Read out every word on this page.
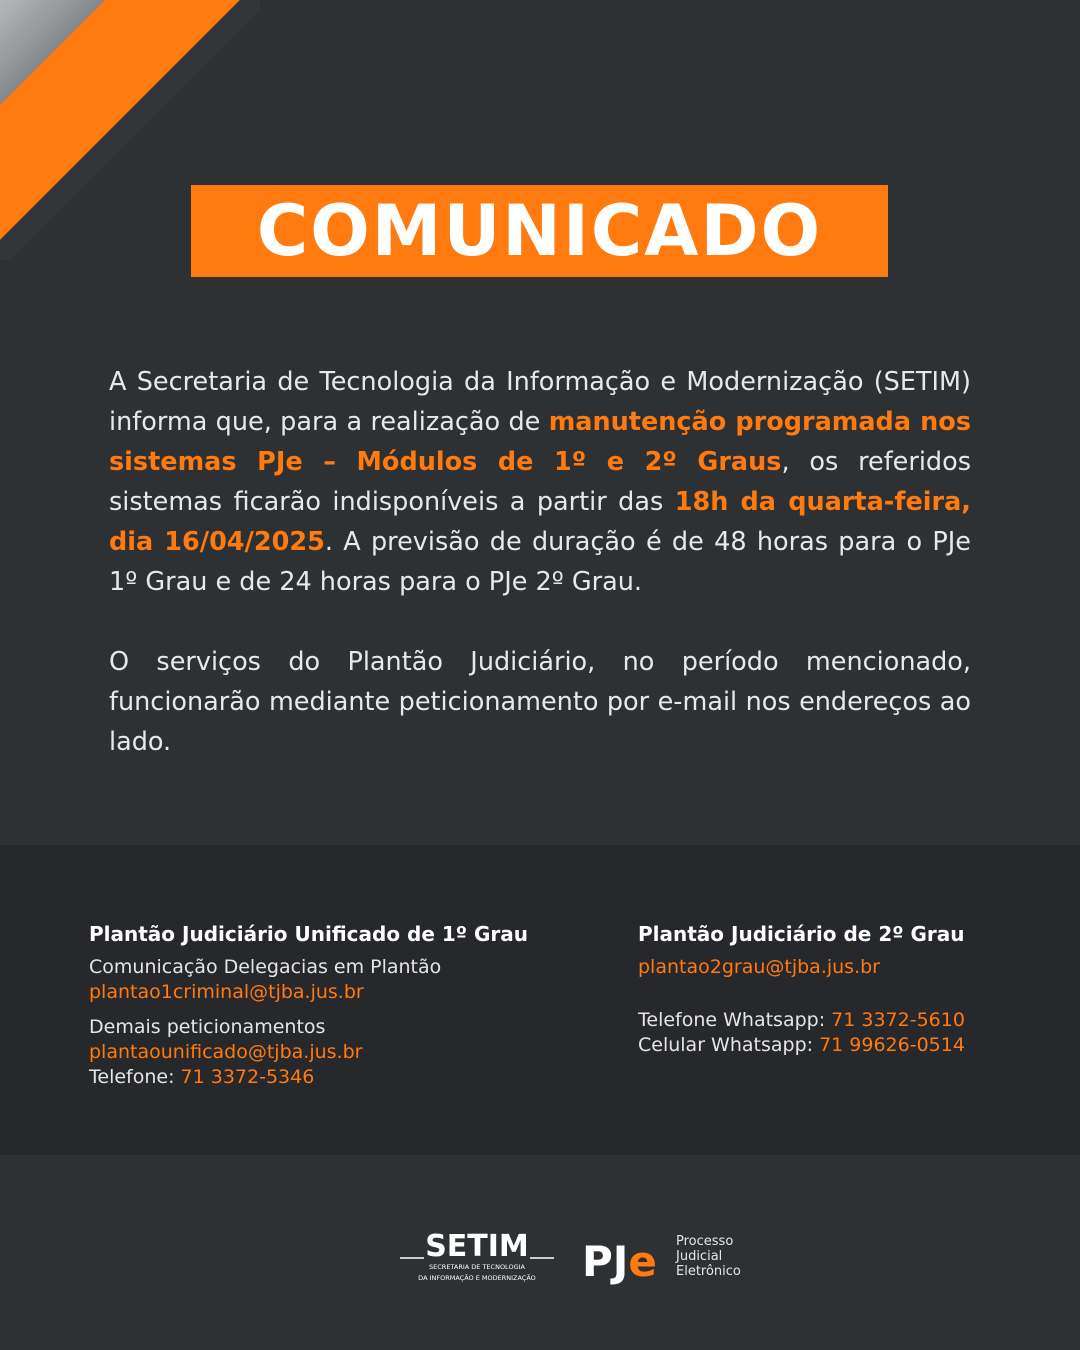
COMUNICADO

A Secretaria de Tecnologia da Informação e Modernização (SETIM) informa que, para a realização de manutenção programada nos sistemas PJe – Módulos de 1º e 2º Graus, os referidos sistemas ficarão indisponíveis a partir das 18h da quarta-feira, dia 16/04/2025. A previsão de duração é de 48 horas para o PJe 1º Grau e de 24 horas para o PJe 2º Grau.

O serviços do Plantão Judiciário, no período mencionado, funcionarão mediante peticionamento por e-mail nos endereços ao lado.

Plantão Judiciário Unificado de 1º Grau
Comunicação Delegacias em Plantão
plantao1criminal@tjba.jus.br
Demais peticionamentos
plantaounificado@tjba.jus.br
Telefone: 71 3372-5346
Plantão Judiciário de 2º Grau
plantao2grau@tjba.jus.br
Telefone Whatsapp: 71 3372-5610
Celular Whatsapp: 71 99626-0514
SETIM
SECRETARIA DE TECNOLOGIA
DA INFORMAÇÃO E MODERNIZAÇÃO PJe Processo
Judicial
Eletrônico
